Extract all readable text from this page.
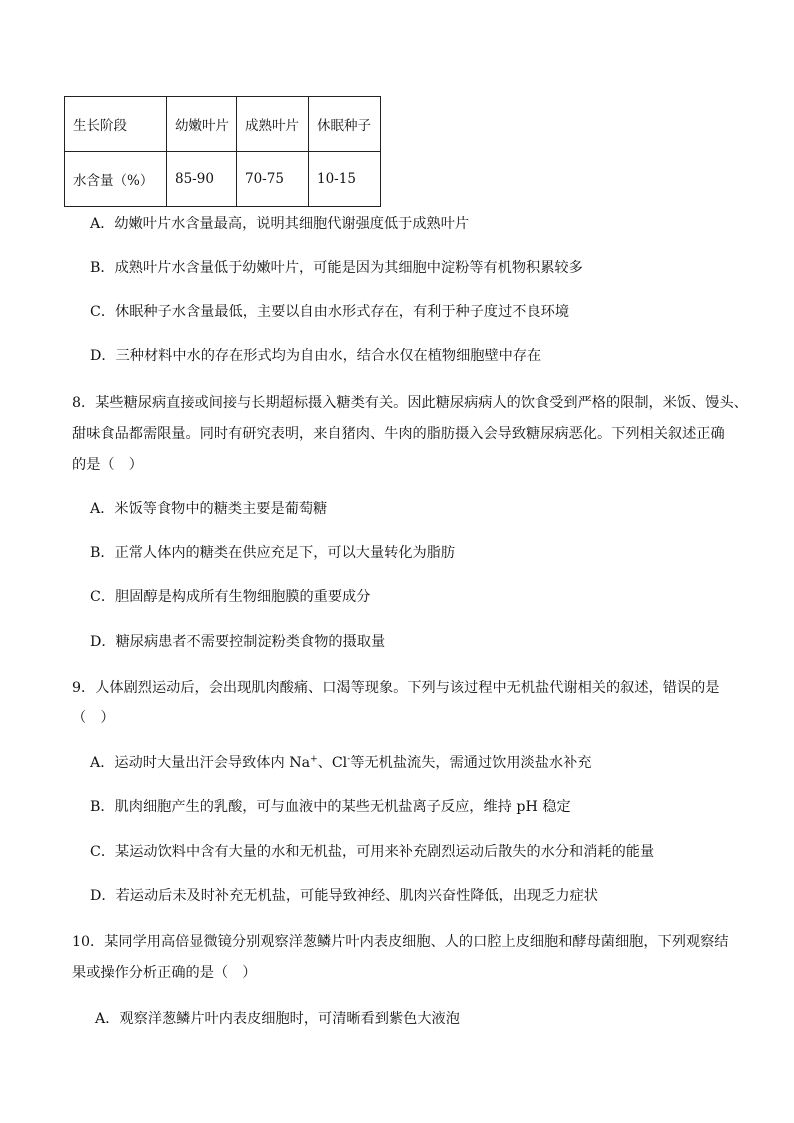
生长阶段	幼嫩叶片	成熟叶片	休眠种子
水含量（%）	85-90	70-75	10-15
A．幼嫩叶片水含量最高，说明其细胞代谢强度低于成熟叶片
B．成熟叶片水含量低于幼嫩叶片，可能是因为其细胞中淀粉等有机物积累较多
C．休眠种子水含量最低，主要以自由水形式存在，有利于种子度过不良环境
D．三种材料中水的存在形式均为自由水，结合水仅在植物细胞壁中存在
8．某些糖尿病直接或间接与长期超标摄入糖类有关。因此糖尿病病人的饮食受到严格的限制，米饭、馒头、
甜味食品都需限量。同时有研究表明，来自猪肉、牛肉的脂肪摄入会导致糖尿病恶化。下列相关叙述正确
的是（　）
A．米饭等食物中的糖类主要是葡萄糖
B．正常人体内的糖类在供应充足下，可以大量转化为脂肪
C．胆固醇是构成所有生物细胞膜的重要成分
D．糖尿病患者不需要控制淀粉类食物的摄取量
9．人体剧烈运动后，会出现肌肉酸痛、口渴等现象。下列与该过程中无机盐代谢相关的叙述，错误的是
（　）
A．运动时大量出汗会导致体内 Na+、Cl-等无机盐流失，需通过饮用淡盐水补充
B．肌肉细胞产生的乳酸，可与血液中的某些无机盐离子反应，维持 pH 稳定
C．某运动饮料中含有大量的水和无机盐，可用来补充剧烈运动后散失的水分和消耗的能量
D．若运动后未及时补充无机盐，可能导致神经、肌肉兴奋性降低，出现乏力症状
10．某同学用高倍显微镜分别观察洋葱鳞片叶内表皮细胞、人的口腔上皮细胞和酵母菌细胞，下列观察结
果或操作分析正确的是（　）
A．观察洋葱鳞片叶内表皮细胞时，可清晰看到紫色大液泡
